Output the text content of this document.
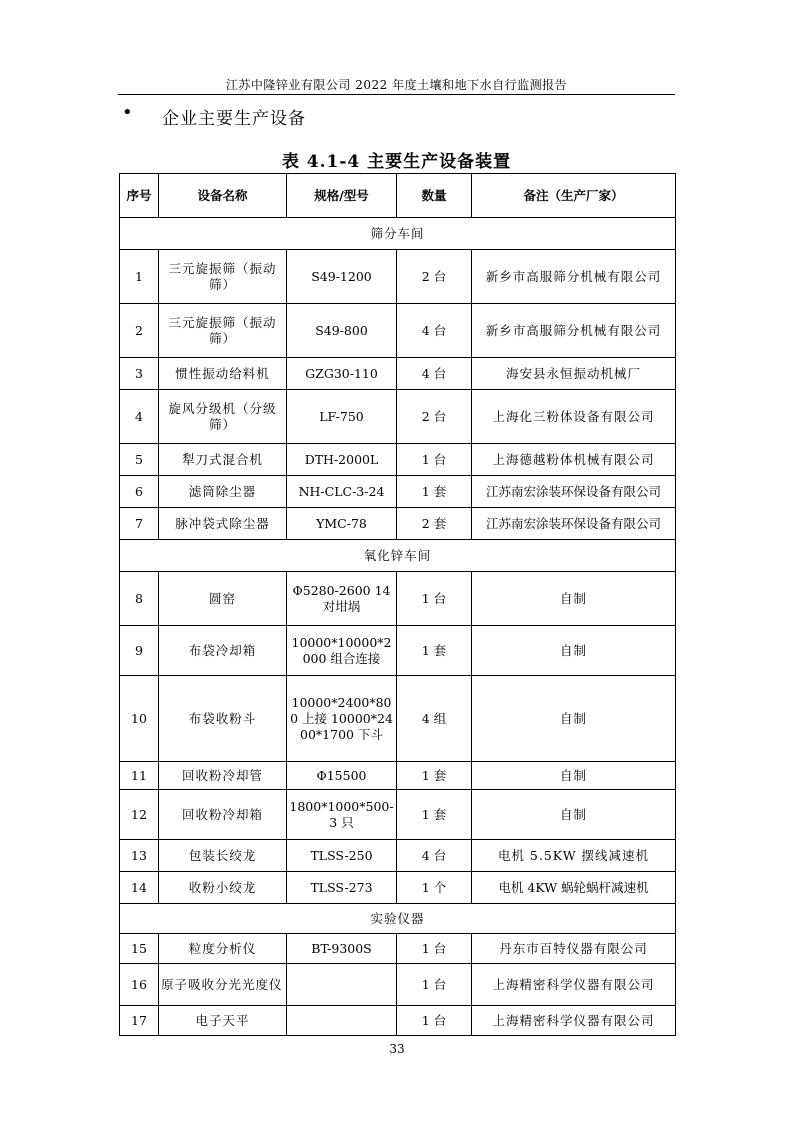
江苏中隆锌业有限公司 2022 年度土壤和地下水自行监测报告
• 企业主要生产设备
表 4.1-4 主要生产设备装置
序号	设备名称	规格/型号	数量	备注（生产厂家）
筛分车间				
1	三元旋振筛（振动筛）	S49-1200	2 台	新乡市高服筛分机械有限公司
2	三元旋振筛（振动筛）	S49-800	4 台	新乡市高服筛分机械有限公司
3	惯性振动给料机	GZG30-110	4 台	海安县永恒振动机械厂
4	旋风分级机（分级筛）	LF-750	2 台	上海化三粉体设备有限公司
5	犁刀式混合机	DTH-2000L	1 台	上海德越粉体机械有限公司
6	滤筒除尘器	NH-CLC-3-24	1 套	江苏南宏涂装环保设备有限公司
7	脉冲袋式除尘器	YMC-78	2 套	江苏南宏涂装环保设备有限公司
氧化锌车间				
8	圆窑	Φ5280-2600 14 对坩埚	1 台	自制
9	布袋冷却箱	10000*10000*2000 组合连接	1 套	自制
10	布袋收粉斗	10000*2400*800 上接 10000*2400*1700 下斗	4 组	自制
11	回收粉冷却管	Φ15500	1 套	自制
12	回收粉冷却箱	1800*1000*500-3 只	1 套	自制
13	包装长绞龙	TLSS-250	4 台	电机 5.5KW 摆线减速机
14	收粉小绞龙	TLSS-273	1 个	电机 4KW 蜗轮蜗杆减速机
实验仪器				
15	粒度分析仪	BT-9300S	1 台	丹东市百特仪器有限公司
16	原子吸收分光光度仪		1 台	上海精密科学仪器有限公司
17	电子天平		1 台	上海精密科学仪器有限公司
33
